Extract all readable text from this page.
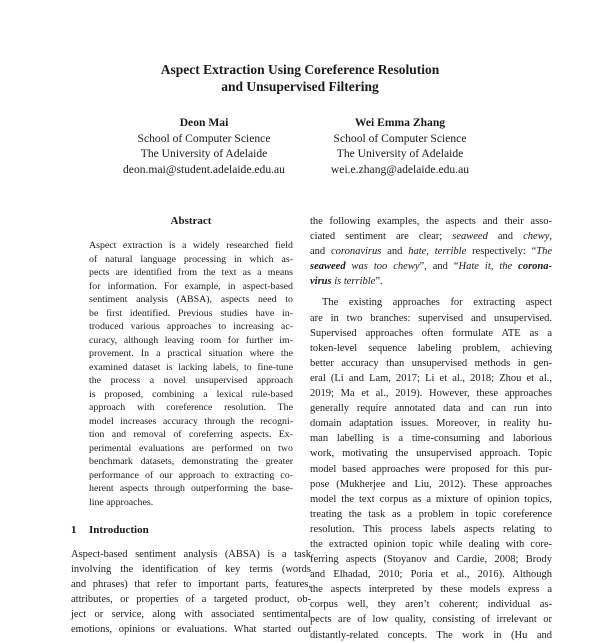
Aspect Extraction Using Coreference Resolution
and Unsupervised Filtering
Deon Mai
School of Computer Science
The University of Adelaide
deon.mai@student.adelaide.edu.au
Wei Emma Zhang
School of Computer Science
The University of Adelaide
wei.e.zhang@adelaide.edu.au
Abstract
Aspect extraction is a widely researched field
of natural language processing in which as-
pects are identified from the text as a means
for information. For example, in aspect-based
sentiment analysis (ABSA), aspects need to
be first identified. Previous studies have in-
troduced various approaches to increasing ac-
curacy, although leaving room for further im-
provement. In a practical situation where the
examined dataset is lacking labels, to fine-tune
the process a novel unsupervised approach
is proposed, combining a lexical rule-based
approach with coreference resolution. The
model increases accuracy through the recogni-
tion and removal of coreferring aspects. Ex-
perimental evaluations are performed on two
benchmark datasets, demonstrating the greater
performance of our approach to extracting co-
herent aspects through outperforming the base-
line approaches.
1 Introduction
Aspect-based sentiment analysis (ABSA) is a task
involving the identification of key terms (words
and phrases) that refer to important parts, features,
attributes, or properties of a targeted product, ob-
ject or service, along with associated sentimental
emotions, opinions or evaluations. What started out
the following examples, the aspects and their asso-
ciated sentiment are clear; seaweed and chewy,
and coronavirus and hate, terrible respectively: “The
seaweed was too chewy”, and “Hate it, the corona-
virus is terrible”.
The existing approaches for extracting aspect
are in two branches: supervised and unsupervised.
Supervised approaches often formulate ATE as a
token-level sequence labeling problem, achieving
better accuracy than unsupervised methods in gen-
eral (Li and Lam, 2017; Li et al., 2018; Zhou et al.,
2019; Ma et al., 2019). However, these approaches
generally require annotated data and can run into
domain adaptation issues. Moreover, in reality hu-
man labelling is a time-consuming and laborious
work, motivating the unsupervised approach. Topic
model based approaches were proposed for this pur-
pose (Mukherjee and Liu, 2012). These approaches
model the text corpus as a mixture of opinion topics,
treating the task as a problem in topic coreference
resolution. This process labels aspects relating to
the extracted opinion topic while dealing with core-
ferring aspects (Stoyanov and Cardie, 2008; Brody
and Elhadad, 2010; Poria et al., 2016). Although
the aspects interpreted by these models express a
corpus well, they aren’t coherent; individual as-
pects are of low quality, consisting of irrelevant or
distantly-related concepts. The work in (Hu and
